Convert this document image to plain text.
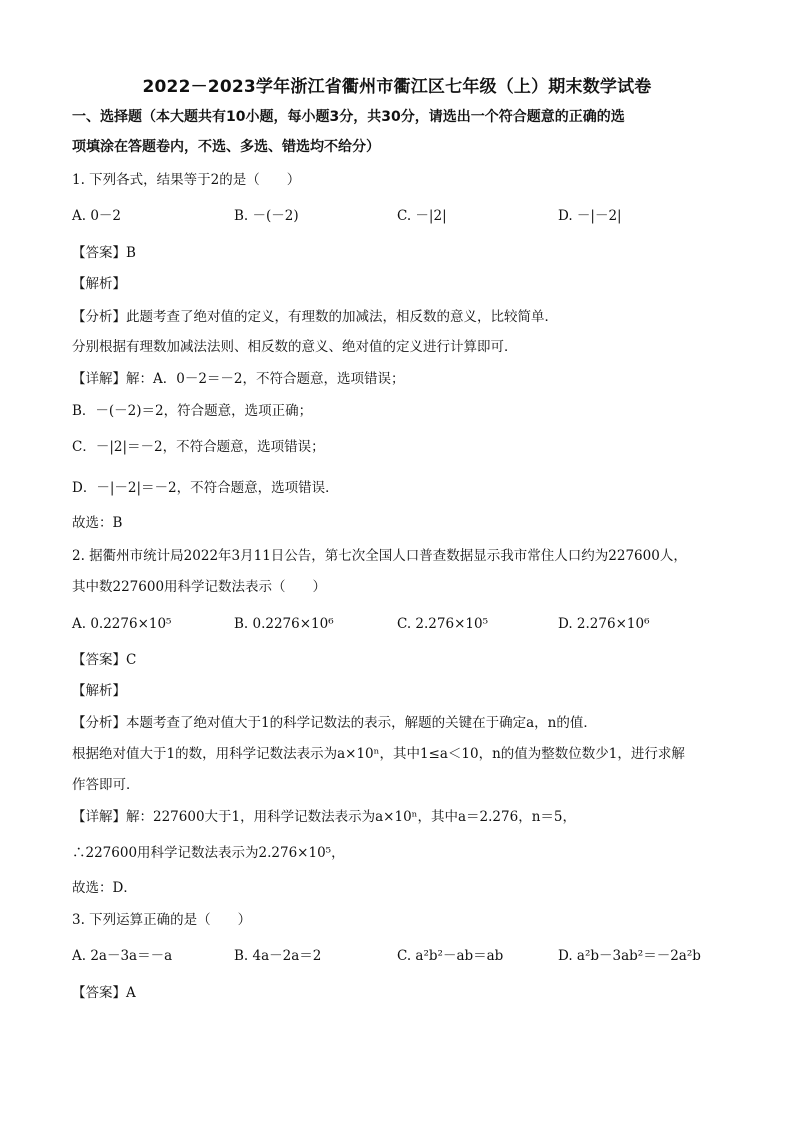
2022－2023学年浙江省衢州市衢江区七年级（上）期末数学试卷
一、选择题（本大题共有10小题，每小题3分，共30分，请选出一个符合题意的正确的选
项填涂在答题卷内，不选、多选、错选均不给分）
1. 下列各式，结果等于2的是（　　）
A. 0－2	B. －(－2)	C. －|2|	D. －|－2|
【答案】B
【解析】
【分析】此题考查了绝对值的定义，有理数的加减法，相反数的意义，比较简单．
分别根据有理数加减法法则、相反数的意义、绝对值的定义进行计算即可．
【详解】解：A．0－2＝－2，不符合题意，选项错误；
B．－(－2)＝2，符合题意，选项正确；
C．－|2|＝－2，不符合题意，选项错误；
D．－|－2|＝－2，不符合题意，选项错误．
故选：B
2. 据衢州市统计局2022年3月11日公告，第七次全国人口普查数据显示我市常住人口约为227600人，
其中数227600用科学记数法表示（　　）
A. 0.2276×10⁵	B. 0.2276×10⁶	C. 2.276×10⁵	D. 2.276×10⁶
【答案】C
【解析】
【分析】本题考查了绝对值大于1的科学记数法的表示，解题的关键在于确定a，n的值．
根据绝对值大于1的数，用科学记数法表示为a×10ⁿ，其中1≤a＜10，n的值为整数位数少1，进行求解
作答即可．
【详解】解：227600大于1，用科学记数法表示为a×10ⁿ，其中a＝2.276，n＝5，
∴227600用科学记数法表示为2.276×10⁵，
故选：D．
3. 下列运算正确的是（　　）
A. 2a－3a＝－a	B. 4a－2a＝2	C. a²b²－ab＝ab	D. a²b－3ab²＝－2a²b
【答案】A
